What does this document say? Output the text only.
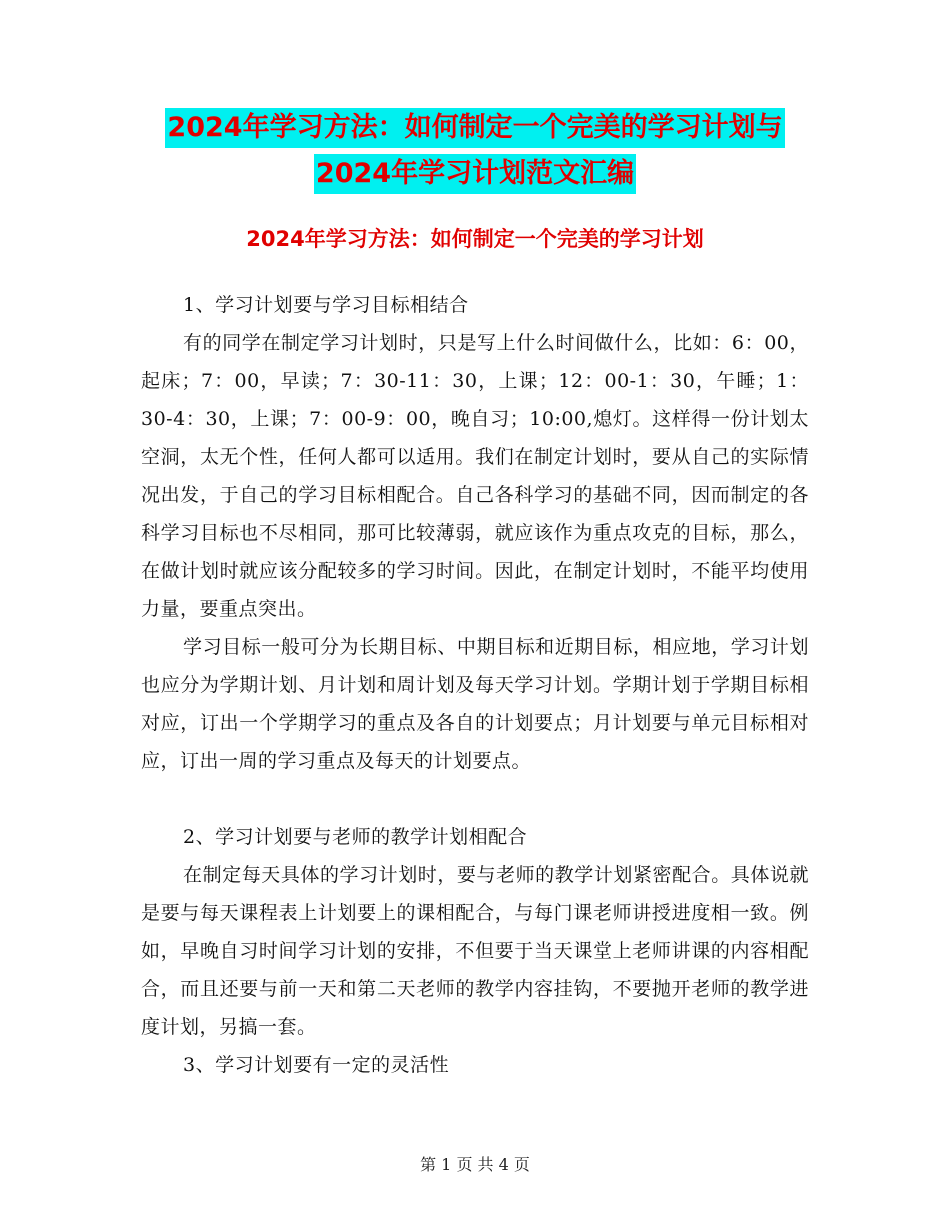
2024年学习方法：如何制定一个完美的学习计划与
2024年学习计划范文汇编
2024年学习方法：如何制定一个完美的学习计划

1、学习计划要与学习目标相结合

有的同学在制定学习计划时，只是写上什么时间做什么，比如：6：00，起床；7：00，早读；7：30-11：30，上课；12：00-1：30，午睡；1：30-4：30，上课；7：00-9：00，晚自习；10:00,熄灯。这样得一份计划太空洞，太无个性，任何人都可以适用。我们在制定计划时，要从自己的实际情况出发，于自己的学习目标相配合。自己各科学习的基础不同，因而制定的各科学习目标也不尽相同，那可比较薄弱，就应该作为重点攻克的目标，那么，在做计划时就应该分配较多的学习时间。因此，在制定计划时，不能平均使用力量，要重点突出。

学习目标一般可分为长期目标、中期目标和近期目标，相应地，学习计划也应分为学期计划、月计划和周计划及每天学习计划。学期计划于学期目标相对应，订出一个学期学习的重点及各自的计划要点；月计划要与单元目标相对应，订出一周的学习重点及每天的计划要点。

2、学习计划要与老师的教学计划相配合

在制定每天具体的学习计划时，要与老师的教学计划紧密配合。具体说就是要与每天课程表上计划要上的课相配合，与每门课老师讲授进度相一致。例如，早晚自习时间学习计划的安排，不但要于当天课堂上老师讲课的内容相配合，而且还要与前一天和第二天老师的教学内容挂钩，不要抛开老师的教学进度计划，另搞一套。

3、学习计划要有一定的灵活性

第 1 页 共 4 页
